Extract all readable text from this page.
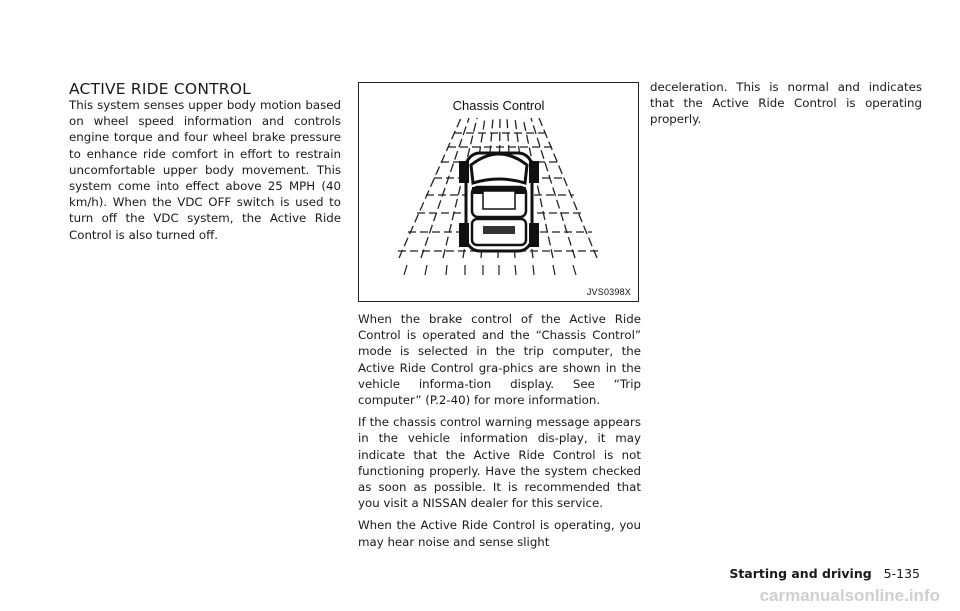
ACTIVE RIDE CONTROL

This system senses upper body motion based on wheel speed information and controls engine torque and four wheel brake pressure to enhance ride comfort in effort to restrain uncomfortable upper body movement. This system come into effect above 25 MPH (40 km/h). When the VDC OFF switch is used to turn off the VDC system, the Active Ride Control is also turned off.

Chassis Control
JVS0398X

When the brake control of the Active Ride Control is operated and the “Chassis Control” mode is selected in the trip computer, the Active Ride Control gra-phics are shown in the vehicle informa-tion display. See “Trip computer” (P.2-40) for more information.

If the chassis control warning message appears in the vehicle information dis-play, it may indicate that the Active Ride Control is not functioning properly. Have the system checked as soon as possible. It is recommended that you visit a NISSAN dealer for this service.

When the Active Ride Control is operating, you may hear noise and sense slight

deceleration. This is normal and indicates that the Active Ride Control is operating properly.

Starting and driving 5-135
carmanualsonline.info
